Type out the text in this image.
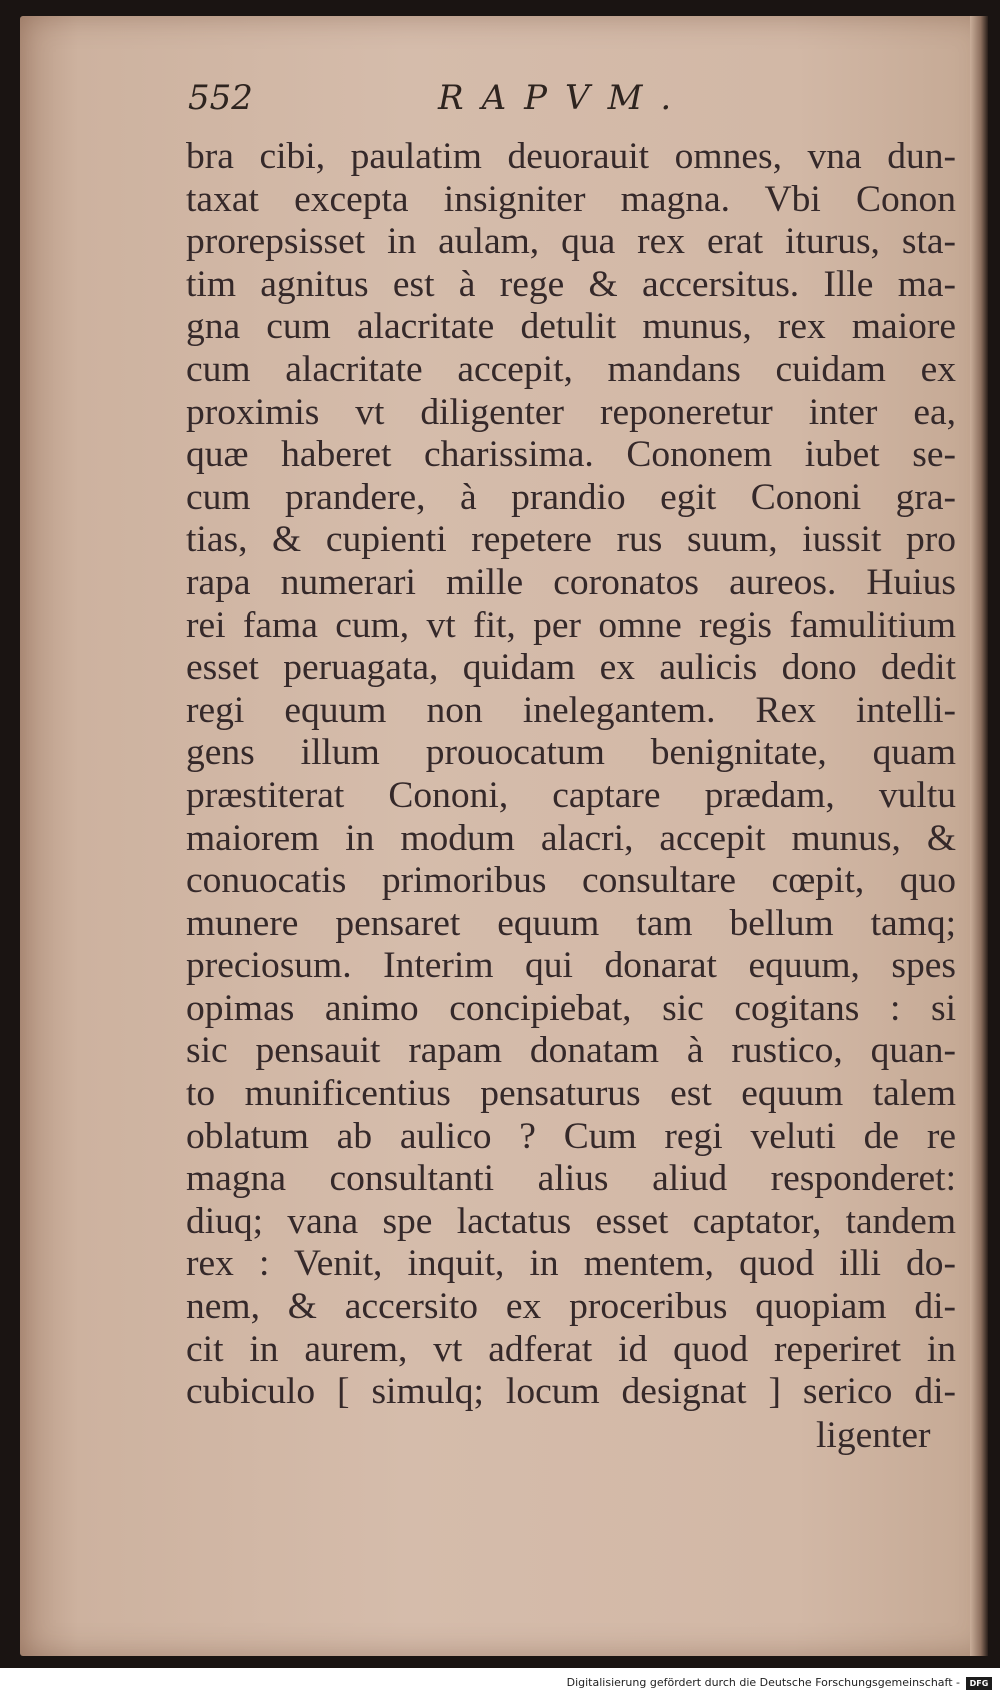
552	RAPVM.
bra cibi, paulatim deuorauit omnes, vna dun-
taxat excepta insigniter magna. Vbi Conon
prorepsisset in aulam, qua rex erat iturus, sta-
tim agnitus est à rege & accersitus. Ille ma-
gna cum alacritate detulit munus, rex maiore
cum alacritate accepit, mandans cuidam ex
proximis vt diligenter reponeretur inter ea,
quæ haberet charissima. Cononem iubet se-
cum prandere, à prandio egit Cononi gra-
tias, & cupienti repetere rus suum, iussit pro
rapa numerari mille coronatos aureos. Huius
rei fama cum, vt fit, per omne regis famulitium
esset peruagata, quidam ex aulicis dono dedit
regi equum non inelegantem. Rex intelli-
gens illum prouocatum benignitate, quam
præstiterat Cononi, captare prædam, vultu
maiorem in modum alacri, accepit munus, &
conuocatis primoribus consultare cœpit, quo
munere pensaret equum tam bellum tamq;
preciosum. Interim qui donarat equum, spes
opimas animo concipiebat, sic cogitans : si
sic pensauit rapam donatam à rustico, quan-
to munificentius pensaturus est equum talem
oblatum ab aulico ? Cum regi veluti de re
magna consultanti alius aliud responderet:
diuq; vana spe lactatus esset captator, tandem
rex : Venit, inquit, in mentem, quod illi do-
nem, & accersito ex proceribus quopiam di-
cit in aurem, vt adferat id quod reperiret in
cubiculo [ simulq; locum designat ] serico di-
ligenter
Digitalisierung gefördert durch die Deutsche Forschungsgemeinschaft -	DFG
